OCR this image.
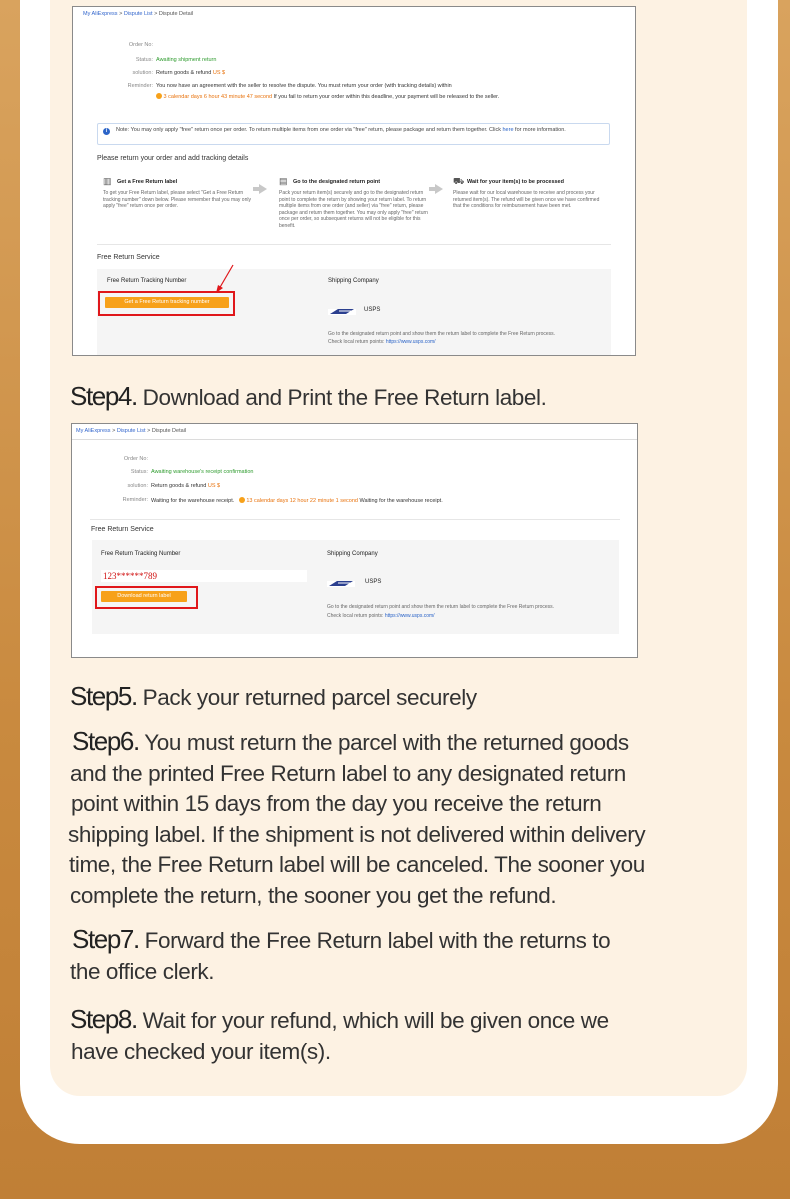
My AliExpress > Dispute List > Dispute Detail
Order No:
Status: Awaiting shipment return
solution: Return goods & refund US $
Reminder: You now have an agreement with the seller to resolve the dispute. You must return your order (with tracking details) within
3 calendar days 6 hour 43 minute 47 second If you fail to return your order within this deadline, your payment will be released to the seller.
i	Note: You may only apply "free" return once per order. To return multiple items from one order via "free" return, please package and return them together. Click here for more information.
Please return your order and add tracking details
▥ Get a Free Return label
To get your Free Return label, please select "Get a Free Return tracking number" down below. Please remember that you may only apply "free" return once per order.
▤ Go to the designated return point
Pack your return item(s) securely and go to the designated return point to complete the return by showing your return label. To return multiple items from one order (and seller) via "free" return, please package and return them together. You may only apply "free" return once per order, so subsequent returns will not be eligible for this benefit.
⛟ Wait for your item(s) to be processed
Please wait for our local warehouse to receive and process your returned item(s). The refund will be given once we have confirmed that the conditions for reimbursement have been met.
Free Return Service
Free Return Tracking Number	Shipping Company
Get a Free Return tracking number
USPS
Go to the designated return point and show them the return label to complete the Free Return process.
Check local return points: https://www.usps.com/
Step4. Download and Print the Free Return label.
My AliExpress > Dispute List > Dispute Detail
Order No:
Status: Awaiting warehouse's receipt confirmation
solution: Return goods & refund US $
Reminder: Waiting for the warehouse receipt. 13 calendar days 12 hour 22 minute 1 second Waiting for the warehouse receipt.
Free Return Service
Free Return Tracking Number	Shipping Company
123******789
Download return label
USPS
Go to the designated return point and show them the return label to complete the Free Return process.
Check local return points: https://www.usps.com/
Step5. Pack your returned parcel securely
Step6. You must return the parcel with the returned goods
and the printed Free Return label to any designated return
point within 15 days from the day you receive the return
shipping label. If the shipment is not delivered within delivery
time, the Free Return label will be canceled. The sooner you
complete the return, the sooner you get the refund.
Step7. Forward the Free Return label with the returns to
the office clerk.
Step8. Wait for your refund, which will be given once we
have checked your item(s).
